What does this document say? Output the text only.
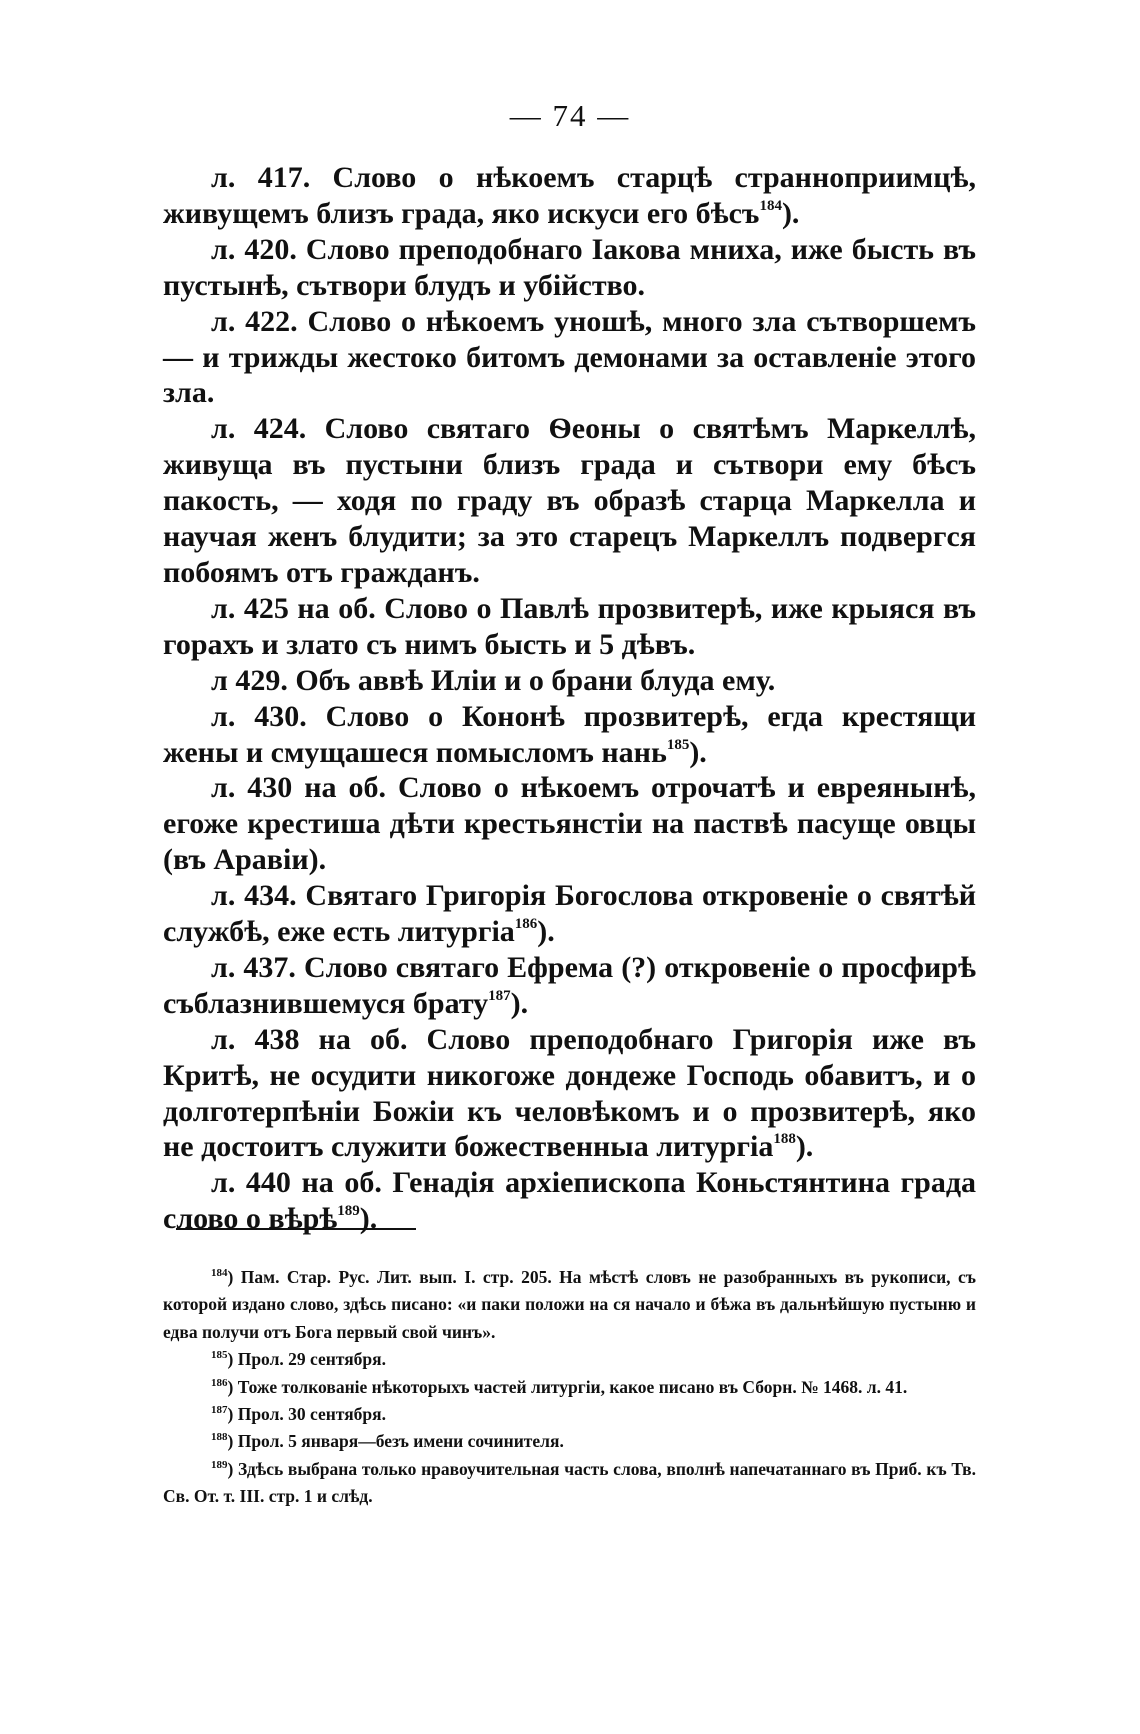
— 74 —

л. 417. Слово о нѣкоемъ старцѣ странноприимцѣ, живущемъ близъ града, яко искуси его бѣсъ$^{184}$).

л. 420. Слово преподобнаго Іакова мниха, иже бысть въ пустынѣ, сътвори блудъ и убійство.

л. 422. Слово о нѣкоемъ уношѣ, много зла сътворшемъ — и трижды жестоко битомъ демонами за оставленіе этого зла.

л. 424. Слово святаго Ѳеоны о святѣмъ Маркеллѣ, живуща въ пустыни близъ града и сътвори ему бѣсъ пакость, — ходя по граду въ образѣ старца Маркелла и научая женъ блудити; за это старецъ Маркеллъ подвергся побоямъ отъ гражданъ.

л. 425 на об. Слово о Павлѣ прозвитерѣ, иже крыяся въ горахъ и злато съ нимъ бысть и 5 дѣвъ.

л 429. Объ аввѣ Иліи и о брани блуда ему.

л. 430. Слово о Кононѣ прозвитерѣ, егда крестящи жены и смущашеся помысломъ нань$^{185}$).

л. 430 на об. Слово о нѣкоемъ отрочатѣ и евреянынѣ, егоже крестиша дѣти крестьянстіи на паствѣ пасуще овцы (въ Аравіи).

л. 434. Святаго Григорія Богослова откровеніе о святѣй службѣ, еже есть литургіа$^{186}$).

л. 437. Слово святаго Ефрема (?) откровеніе о просфирѣ съблазнившемуся брату$^{187}$).

л. 438 на об. Слово преподобнаго Григорія иже въ Критѣ, не осудити никогоже дондеже Господь обавитъ, и о долготерпѣніи Божіи къ человѣкомъ и о прозвитерѣ, яко не достоитъ служити божественныа литургіа$^{188}$).

л. 440 на об. Генадія архіепископа Коньстянтина града слово о вѣрѣ$^{189}$).

$^{184}$) Пам. Стар. Рус. Лит. вып. I. стр. 205. На мѣстѣ словъ не разобранныхъ въ рукописи, съ которой издано слово, здѣсь писано: «и паки положи на ся начало и бѣжа въ дальнѣйшую пустыню и едва получи отъ Бога первый свой чинъ».

$^{185}$) Прол. 29 сентября.

$^{186}$) Тоже толкованіе нѣкоторыхъ частей литургіи, какое писано въ Сборн. № 1468. л. 41.

$^{187}$) Прол. 30 сентября.

$^{188}$) Прол. 5 января—безъ имени сочинителя.

$^{189}$) Здѣсь выбрана только нравоучительная часть слова, вполнѣ напечатаннаго въ Приб. къ Тв. Св. От. т. III. стр. 1 и слѣд.
